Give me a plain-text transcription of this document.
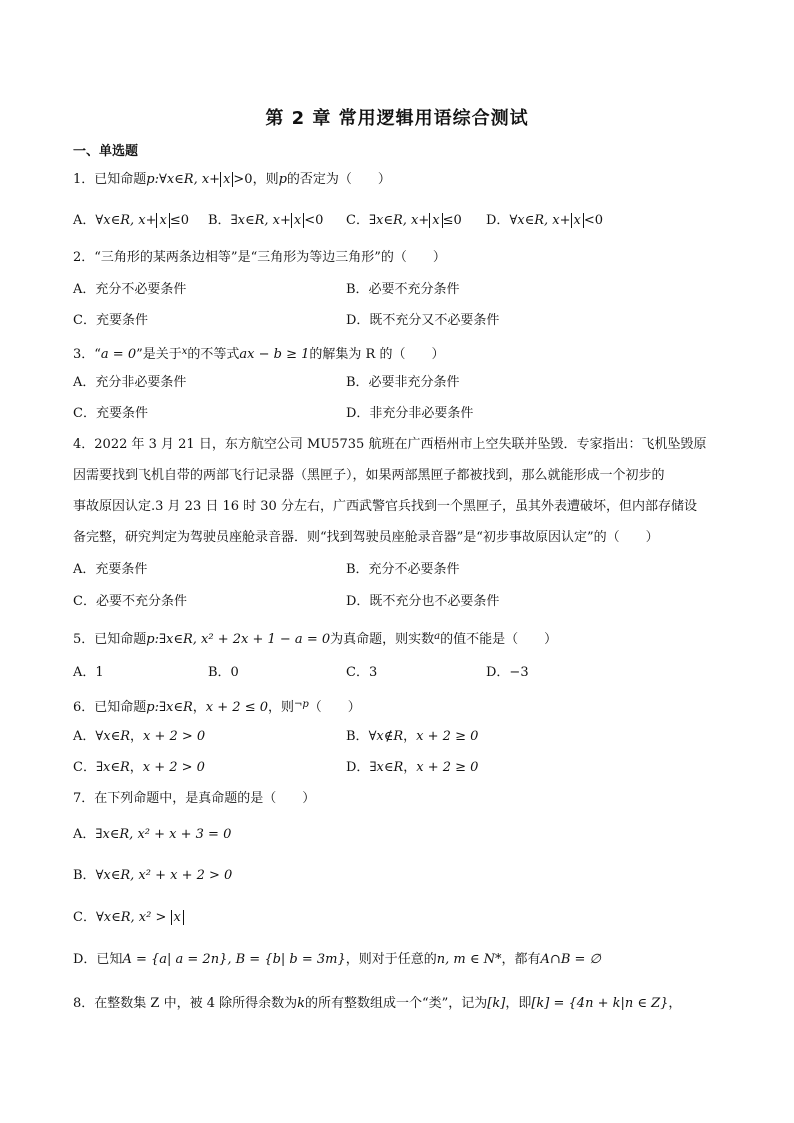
第 2 章 常用逻辑用语综合测试
一、单选题
1．已知命题p:∀x∈R, x+ x >0，则p的否定为（　　）
A．∀x∈R, x+ x ≤0 B．∃x∈R, x+ x <0 C．∃x∈R, x+ x ≤0 D．∀x∈R, x+ x <0
2．“三角形的某两条边相等”是“三角形为等边三角形”的（　　）
A．充分不必要条件	B．必要不充分条件
C．充要条件	D．既不充分又不必要条件
3．“a = 0”是关于$^x$的不等式ax − b ≥ 1的解集为 R 的（　　）
A．充分非必要条件	B．必要非充分条件
C．充要条件	D．非充分非必要条件
4．2022 年 3 月 21 日，东方航空公司 MU5735 航班在广西梧州市上空失联并坠毁．专家指出：飞机坠毁原
因需要找到飞机自带的两部飞行记录器（黑匣子），如果两部黑匣子都被找到，那么就能形成一个初步的
事故原因认定.3 月 23 日 16 时 30 分左右，广西武警官兵找到一个黑匣子，虽其外表遭破坏，但内部存储设
备完整，研究判定为驾驶员座舱录音器．则“找到驾驶员座舱录音器”是“初步事故原因认定”的（　　）
A．充要条件	B．充分不必要条件
C．必要不充分条件	D．既不充分也不必要条件
5．已知命题p:∃x∈R, x² + 2x + 1 − a = 0为真命题，则实数$^a$的值不能是（　　）
A．1	B．0	C．3	D．−3
6．已知命题p:∃x∈R，x + 2 ≤ 0，则$^{\neg p}$（　　）
A．∀x∈R，x + 2 > 0	B．∀x∉R，x + 2 ≥ 0
C．∃x∈R，x + 2 > 0	D．∃x∈R，x + 2 ≥ 0
7．在下列命题中，是真命题的是（　　）
A．∃x∈R, x² + x + 3 = 0
B．∀x∈R, x² + x + 2 > 0
C．∀x∈R, x² > x
D．已知A = {a| a = 2n}, B = {b| b = 3m}，则对于任意的n, m ∈ N*，都有A∩B = ∅
8．在整数集 Z 中，被 4 除所得余数为k的所有整数组成一个“类”，记为[k]，即[k] = {4n + k|n ∈ Z}，
